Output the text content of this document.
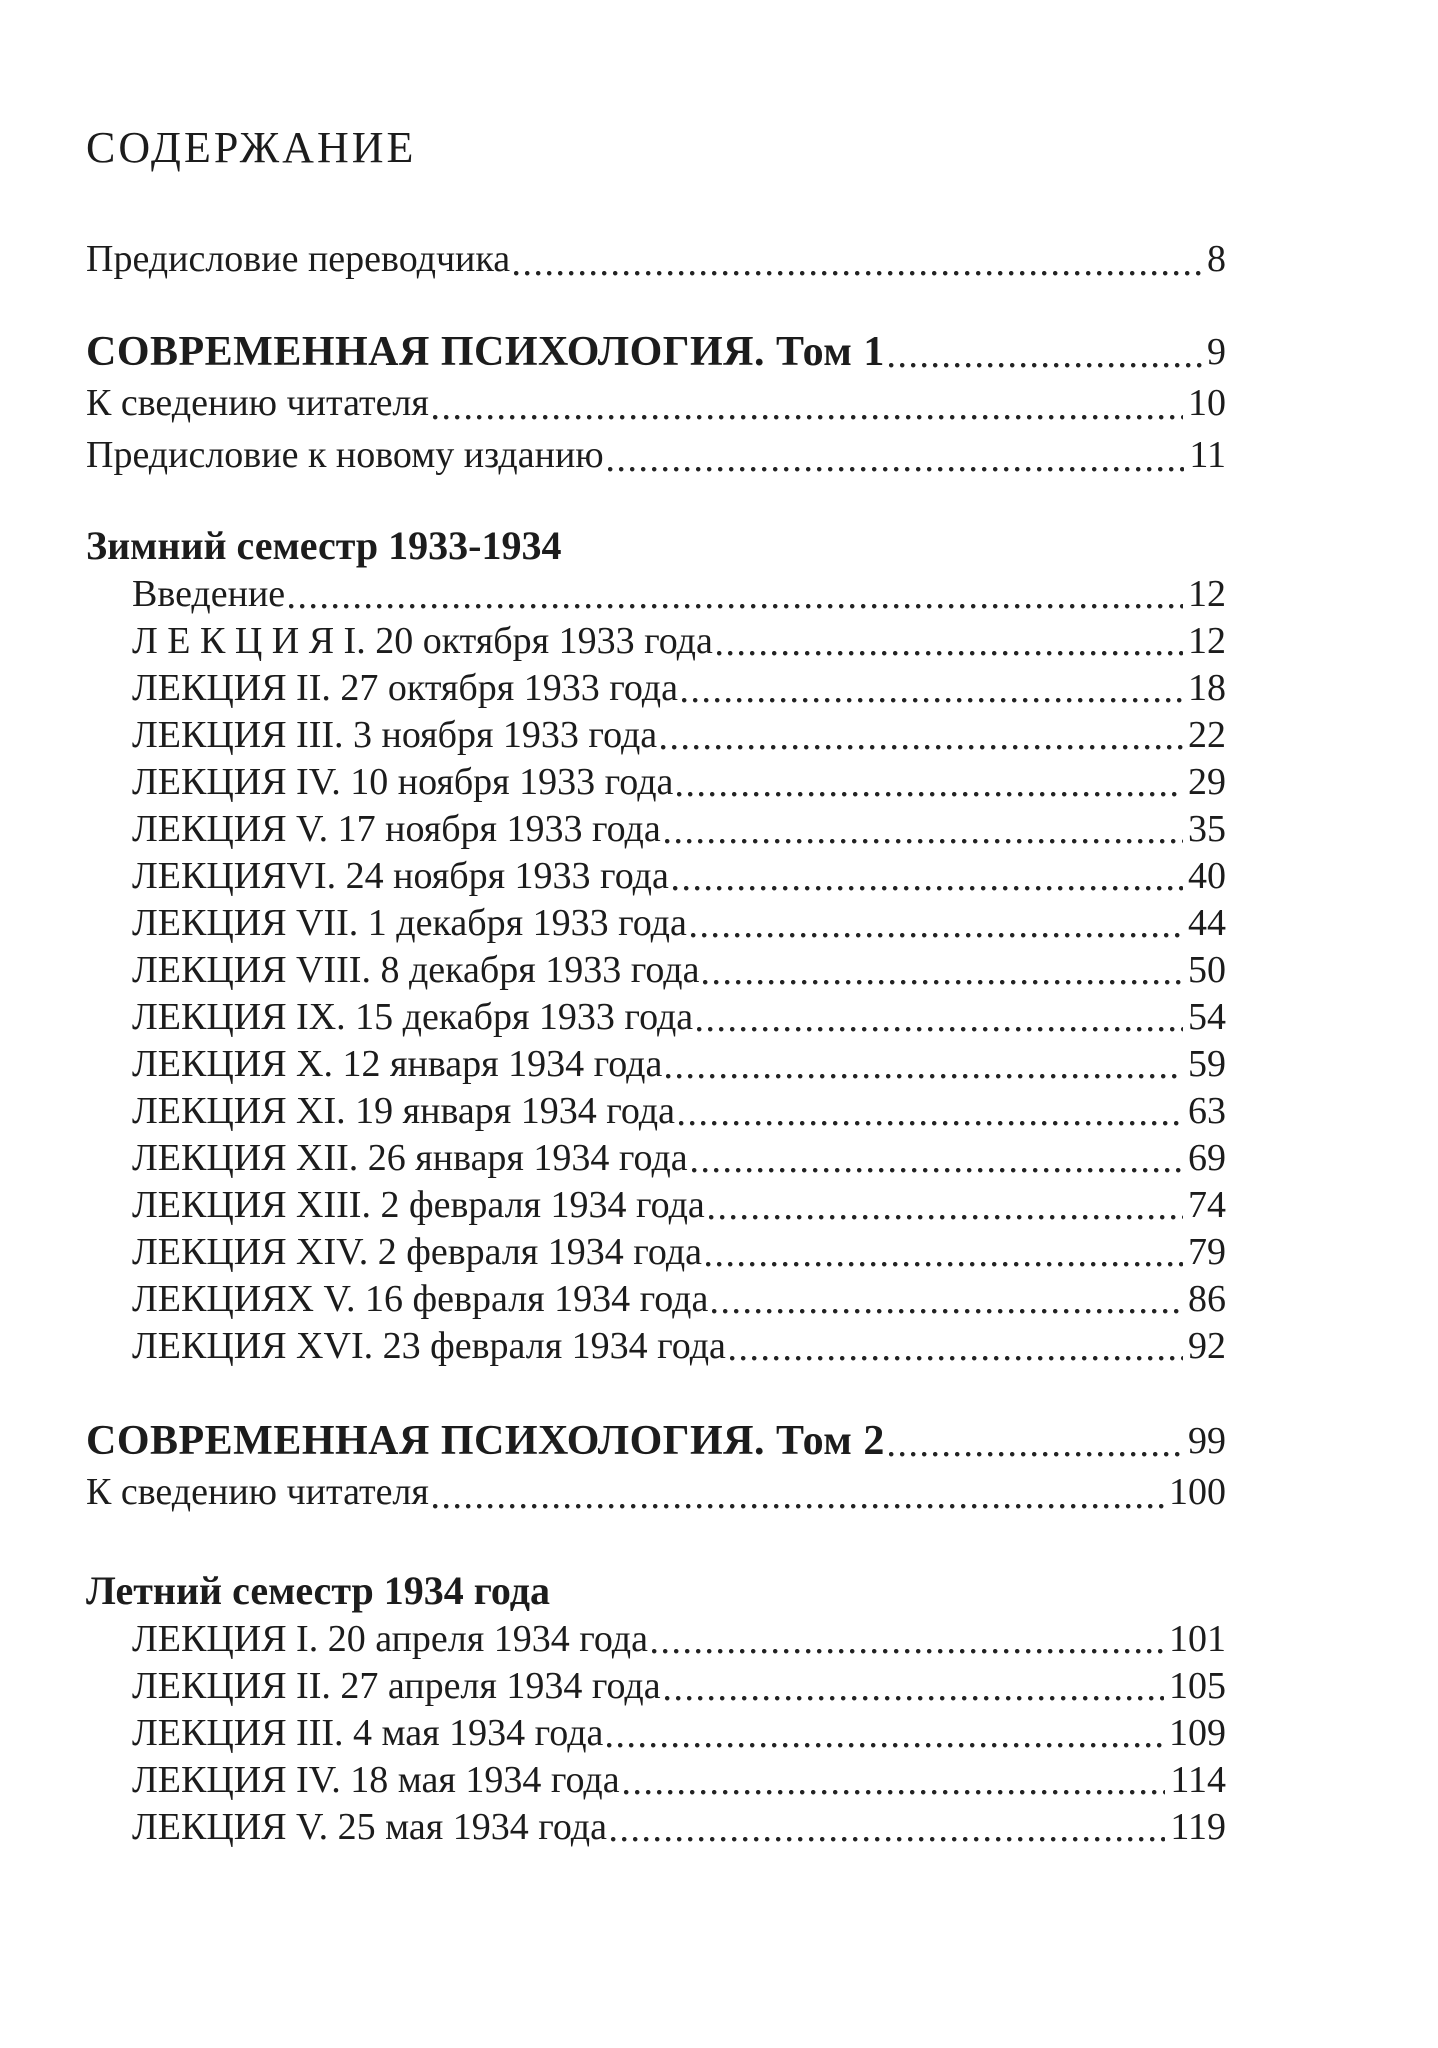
СОДЕРЖАНИЕ
Предисловие переводчика	8
СОВРЕМЕННАЯ ПСИХОЛОГИЯ. Том 1	9
К сведению читателя	10
Предисловие к новому изданию	11
Зимний семестр 1933-1934
Введение	12
Л Е К Ц И Я I. 20 октября 1933 года	12
ЛЕКЦИЯ II. 27 октября 1933 года	18
ЛЕКЦИЯ III. 3 ноября 1933 года	22
ЛЕКЦИЯ IV. 10 ноября 1933 года	29
ЛЕКЦИЯ V. 17 ноября 1933 года	35
ЛЕКЦИЯVI. 24 ноября 1933 года	40
ЛЕКЦИЯ VII. 1 декабря 1933 года	44
ЛЕКЦИЯ VIII. 8 декабря 1933 года	50
ЛЕКЦИЯ IX. 15 декабря 1933 года	54
ЛЕКЦИЯ X. 12 января 1934 года	59
ЛЕКЦИЯ XI. 19 января 1934 года	63
ЛЕКЦИЯ XII. 26 января 1934 года	69
ЛЕКЦИЯ XIII. 2 февраля 1934 года	74
ЛЕКЦИЯ XIV. 2 февраля 1934 года	79
ЛЕКЦИЯХ V. 16 февраля 1934 года	86
ЛЕКЦИЯ XVI. 23 февраля 1934 года	92
СОВРЕМЕННАЯ ПСИХОЛОГИЯ. Том 2	99
К сведению читателя	100
Летний семестр 1934 года
ЛЕКЦИЯ I. 20 апреля 1934 года	101
ЛЕКЦИЯ II. 27 апреля 1934 года	105
ЛЕКЦИЯ III. 4 мая 1934 года	109
ЛЕКЦИЯ IV. 18 мая 1934 года	114
ЛЕКЦИЯ V. 25 мая 1934 года	119
